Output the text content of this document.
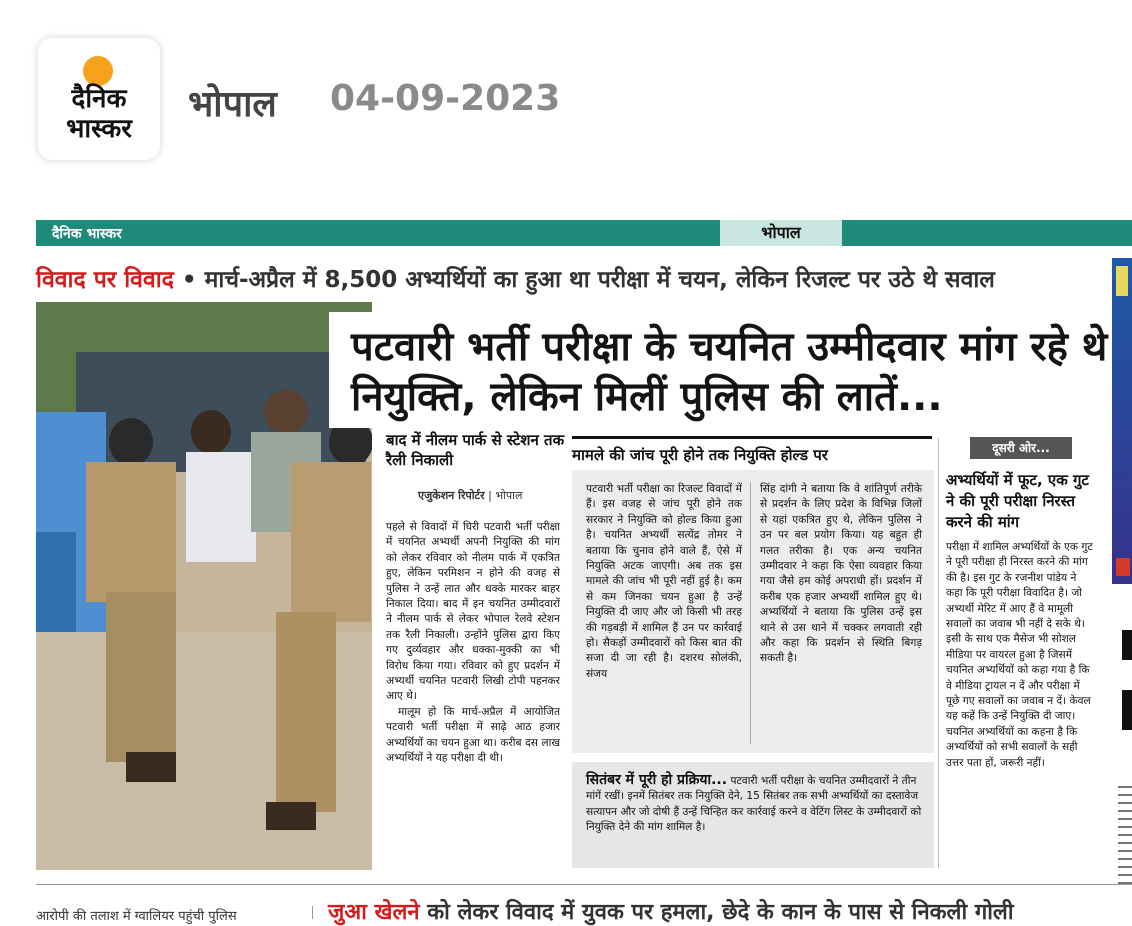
दैनिक
भास्कर
भोपाल 04-09-2023
दैनिक भास्कर	भोपाल
विवाद पर विवाद • मार्च-अप्रैल में 8,500 अभ्यर्थियों का हुआ था परीक्षा में चयन, लेकिन रिजल्ट पर उठे थे सवाल
पटवारी भर्ती परीक्षा के चयनित उम्मीदवार मांग रहे थे नियुक्ति, लेकिन मिलीं पुलिस की लातें...
बाद में नीलम पार्क से स्टेशन तक रैली निकाली
एजुकेशन रिपोर्टर | भोपाल

पहले से विवादों में घिरी पटवारी भर्ती परीक्षा में चयनित अभ्यर्थी अपनी नियुक्ति की मांग को लेकर रविवार को नीलम पार्क में एकत्रित हुए, लेकिन परमिशन न होने की वजह से पुलिस ने उन्हें लात और धक्के मारकर बाहर निकाल दिया। बाद में इन चयनित उम्मीदवारों ने नीलम पार्क से लेकर भोपाल रेलवे स्टेशन तक रैली निकाली। उन्होंने पुलिस द्वारा किए गए दुर्व्यवहार और धक्का-मुक्की का भी विरोध किया गया। रविवार को हुए प्रदर्शन में अभ्यर्थी चयनित पटवारी लिखी टोपी पहनकर आए थे।

मालूम हो कि मार्च-अप्रैल में आयोजित पटवारी भर्ती परीक्षा में साढ़े आठ हजार अभ्यर्थियों का चयन हुआ था। करीब दस लाख अभ्यर्थियों ने यह परीक्षा दी थी।

मामले की जांच पूरी होने तक नियुक्ति होल्ड पर
पटवारी भर्ती परीक्षा का रिजल्ट विवादों में हैं। इस वजह से जांच पूरी होने तक सरकार ने नियुक्ति को होल्ड किया हुआ है। चयनित अभ्यर्थी सत्येंद्र तोमर ने बताया कि चुनाव होने वाले हैं, ऐसे में नियुक्ति अटक जाएगी। अब तक इस मामले की जांच भी पूरी नहीं हुई है। कम से कम जिनका चयन हुआ है उन्हें नियुक्ति दी जाए और जो किसी भी तरह की गड़बड़ी में शामिल हैं उन पर कार्रवाई हो। सैकड़ों उम्मीदवारों को किस बात की सजा दी जा रही है। दशरथ सोलंकी, संजय
सिंह दांगी ने बताया कि वे शांतिपूर्ण तरीके से प्रदर्शन के लिए प्रदेश के विभिन्न जिलों से यहां एकत्रित हुए थे, लेकिन पुलिस ने उन पर बल प्रयोग किया। यह बहुत ही गलत तरीका है। एक अन्य चयनित उम्मीदवार ने कहा कि ऐसा व्यवहार किया गया जैसे हम कोई अपराधी हों। प्रदर्शन में करीब एक हजार अभ्यर्थी शामिल हुए थे। अभ्यर्थियों ने बताया कि पुलिस उन्हें इस थाने से उस थाने में चक्कर लगवाती रही और कहा कि प्रदर्शन से स्थिति बिगड़ सकती है।
सितंबर में पूरी हो प्रक्रिया... पटवारी भर्ती परीक्षा के चयनित उम्मीदवारों ने तीन मांगें रखीं। इनमें सितंबर तक नियुक्ति देने, 15 सितंबर तक सभी अभ्यर्थियों का दस्तावेज सत्यापन और जो दोषी हैं उन्हें चिन्हित कर कार्रवाई करने व वेटिंग लिस्ट के उम्मीदवारों को नियुक्ति देने की मांग शामिल है।
दूसरी ओर...
अभ्यर्थियों में फूट, एक गुट ने की पूरी परीक्षा निरस्त करने की मांग
परीक्षा में शामिल अभ्यर्थियों के एक गुट ने पूरी परीक्षा ही निरस्त करने की मांग की है। इस गुट के रजनीश पांडेय ने कहा कि पूरी परीक्षा विवादित है। जो अभ्यर्थी मेरिट में आए हैं वे मामूली सवालों का जवाब भी नहीं दे सके थे। इसी के साथ एक मैसेज भी सोशल मीडिया पर वायरल हुआ है जिसमें चयनित अभ्यर्थियों को कहा गया है कि वे मीडिया ट्रायल न दें और परीक्षा में पूछे गए सवालों का जवाब न दें। केवल यह कहें कि उन्हें नियुक्ति दी जाए। चयनित अभ्यर्थियों का कहना है कि अभ्यर्थियों को सभी सवालों के सही उत्तर पता हों, जरूरी नहीं।
आरोपी की तलाश में ग्वालियर पहुंची पुलिस	जुआ खेलने को लेकर विवाद में युवक पर हमला, छेदे के कान के पास से निकली गोली
